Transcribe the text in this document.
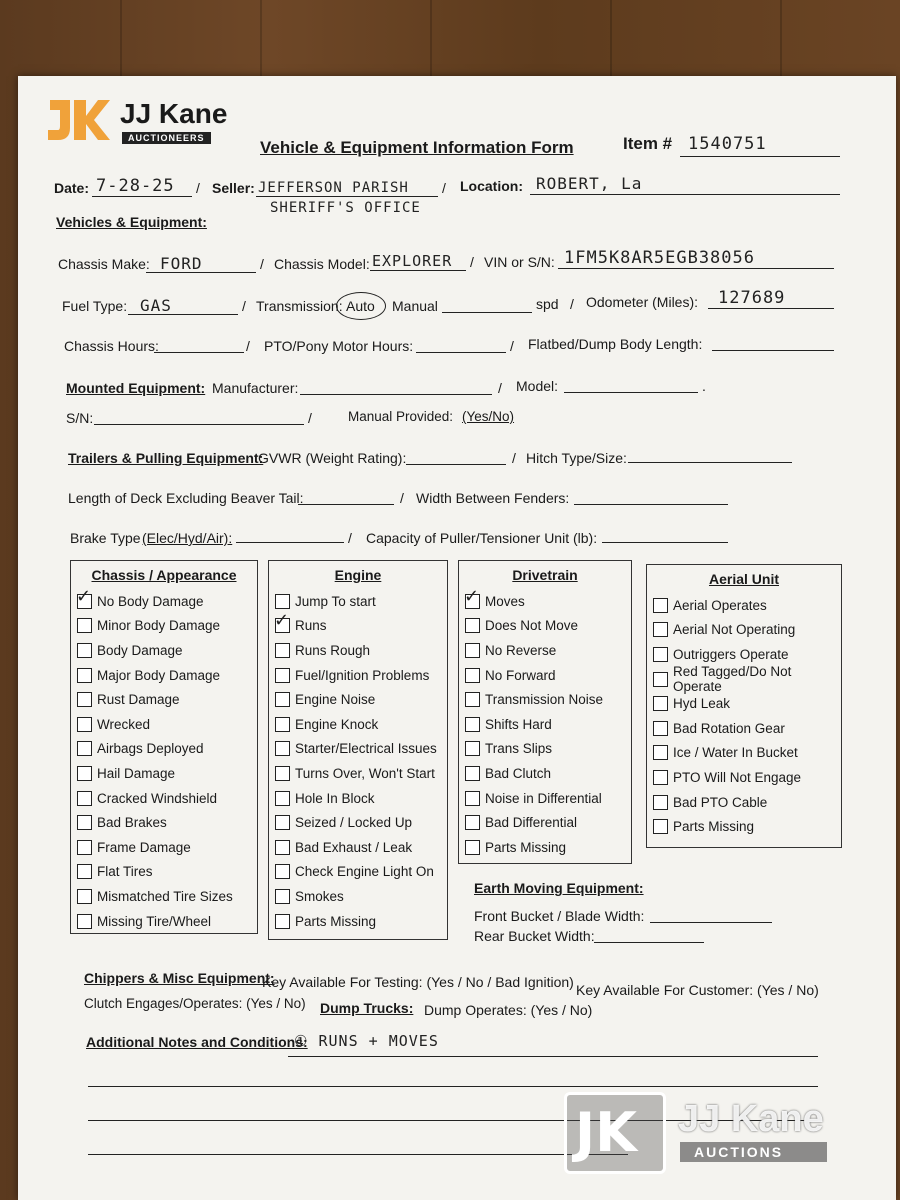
JJ Kane
AUCTIONEERS	Vehicle & Equipment Information Form	Item # 1540751
Date: 7-28-25 / Seller: JEFFERSON PARISH
SHERIFF'S OFFICE
/ Location: ROBERT, La
Vehicles & Equipment:
Chassis Make: FORD	/ Chassis Model: EXPLORER / VIN or S/N: 1FM5K8AR5EGB38056
Fuel Type: GAS	/ Transmission: Auto Manual	spd / Odometer (Miles): 127689
Chassis Hours:	/ PTO/Pony Motor Hours:	/ Flatbed/Dump Body Length:
Mounted Equipment: Manufacturer:	/ Model:	.
S/N:	/	Manual Provided: (Yes/No)
Trailers & Pulling Equipment:
GVWR (Weight Rating):	/ Hitch Type/Size:
Length of Deck Excluding Beaver Tail:	/ Width Between Fenders:
Brake Type (Elec/Hyd/Air):	/ Capacity of Puller/Tensioner Unit (lb):
Chassis / Appearance
✓ No Body Damage
Minor Body Damage
Body Damage
Major Body Damage
Rust Damage
Wrecked
Airbags Deployed
Hail Damage
Cracked Windshield
Bad Brakes
Frame Damage
Flat Tires
Mismatched Tire Sizes
Missing Tire/Wheel
Engine
Jump To start
✓ Runs
Runs Rough
Fuel/Ignition Problems
Engine Noise
Engine Knock
Starter/Electrical Issues
Turns Over, Won't Start
Hole In Block
Seized / Locked Up
Bad Exhaust / Leak
Check Engine Light On
Smokes
Parts Missing
Drivetrain
✓ Moves
Does Not Move
No Reverse
No Forward
Transmission Noise
Shifts Hard
Trans Slips
Bad Clutch
Noise in Differential
Bad Differential
Parts Missing
Aerial Unit
Aerial Operates
Aerial Not Operating
Outriggers Operate
Red Tagged/Do Not Operate
Hyd Leak
Bad Rotation Gear
Ice / Water In Bucket
PTO Will Not Engage
Bad PTO Cable
Parts Missing
Earth Moving Equipment:
Front Bucket / Blade Width:
Rear Bucket Width:
Chippers & Misc Equipment:
Key Available For Testing: (Yes / No / Bad Ignition) Key Available For Customer: (Yes / No)
Clutch Engages/Operates: (Yes / No) Dump Trucks: Dump Operates: (Yes / No)
Additional Notes and Conditions:
① RUNS + MOVES
JK JJ Kane
AUCTIONS
